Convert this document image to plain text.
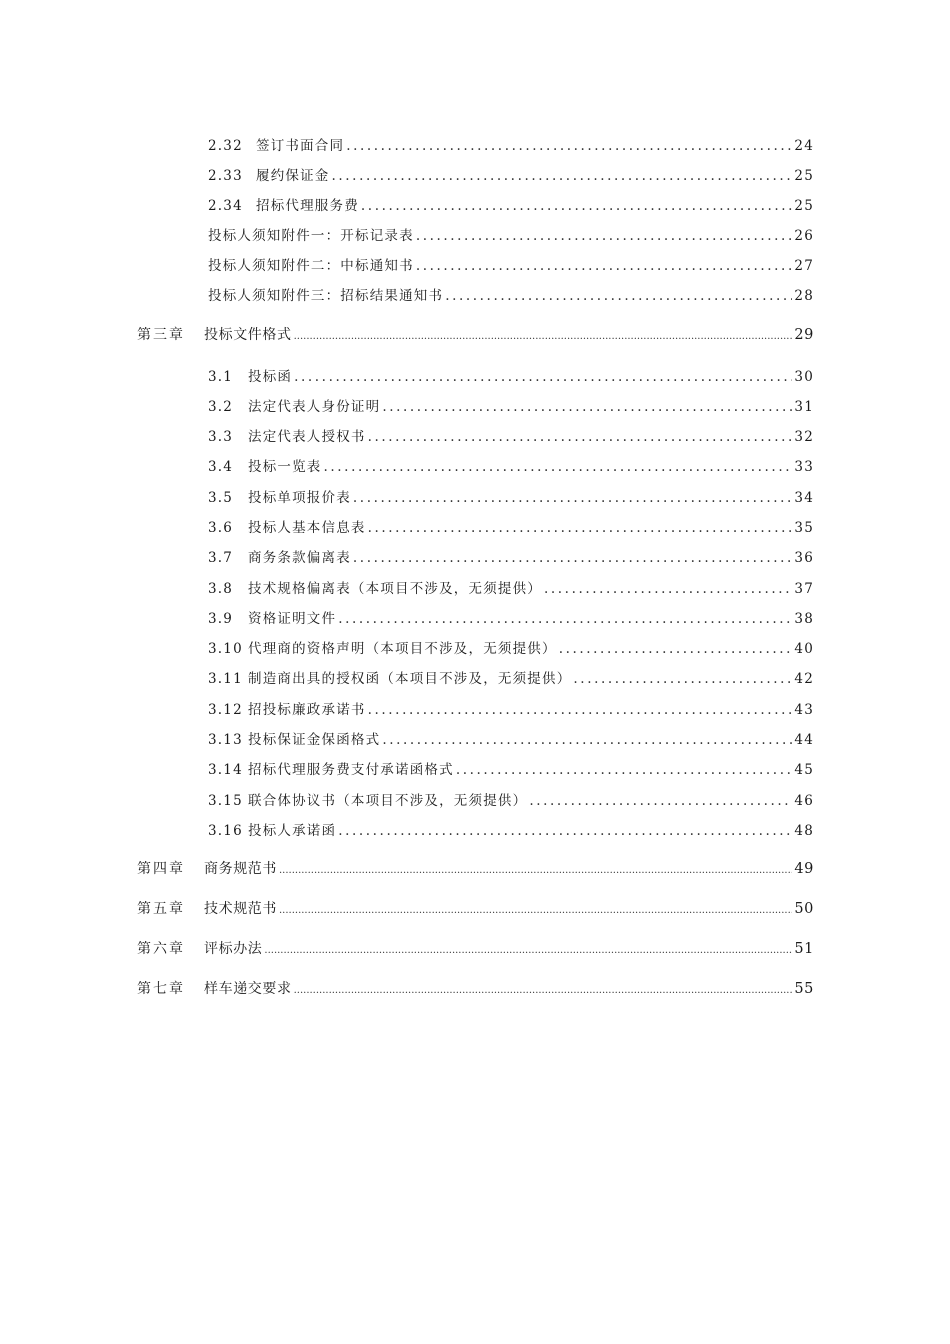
2.32 签订书面合同 .....	24
2.33 履约保证金 .....	25
2.34 招标代理服务费 .....	25
投标人须知附件一：开标记录表 .....	26
投标人须知附件二：中标通知书 .....	27
投标人须知附件三：招标结果通知书 .....	28
第三章	投标文件格式 .....	29
3.1	投标函 .....	30
3.2	法定代表人身份证明 .....	31
3.3	法定代表人授权书 .....	32
3.4	投标一览表 .....	33
3.5	投标单项报价表 .....	34
3.6	投标人基本信息表 .....	35
3.7	商务条款偏离表 .....	36
3.8	技术规格偏离表（本项目不涉及，无须提供） .....	37
3.9	资格证明文件 .....	38
3.10 代理商的资格声明（本项目不涉及，无须提供） .....	40
3.11 制造商出具的授权函（本项目不涉及，无须提供） .....	42
3.12 招投标廉政承诺书 .....	43
3.13 投标保证金保函格式 .....	44
3.14 招标代理服务费支付承诺函格式 .....	45
3.15 联合体协议书（本项目不涉及，无须提供） .....	46
3.16 投标人承诺函 .....	48
第四章	商务规范书 .....	49
第五章	技术规范书 .....	50
第六章	评标办法 .....	51
第七章	样车递交要求 .....	55
